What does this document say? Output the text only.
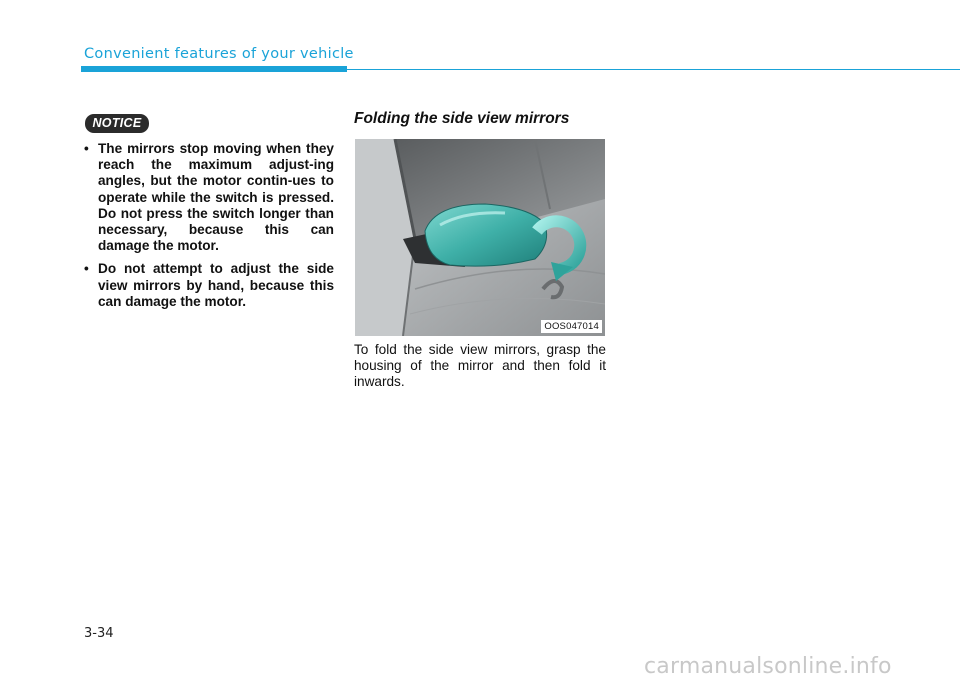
Convenient features of your vehicle
NOTICE
• The mirrors stop moving when they reach the maximum adjust-ing angles, but the motor contin-ues to operate while the switch is pressed. Do not press the switch longer than necessary, because this can damage the motor.
• Do not attempt to adjust the side view mirrors by hand, because this can damage the motor.
Folding the side view mirrors
OOS047014

To fold the side view mirrors, grasp the housing of the mirror and then fold it inwards.

3-34
carmanualsonline.info
